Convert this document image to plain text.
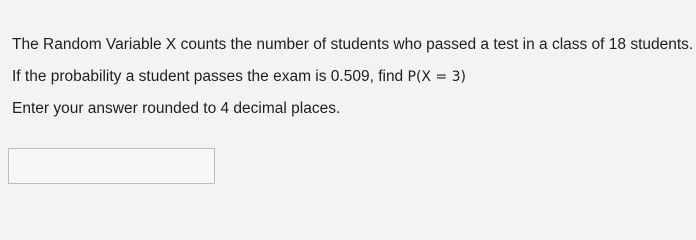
The Random Variable X counts the number of students who passed a test in a class of 18 students.

If the probability a student passes the exam is 0.509, find P(X = 3)

Enter your answer rounded to 4 decimal places.
